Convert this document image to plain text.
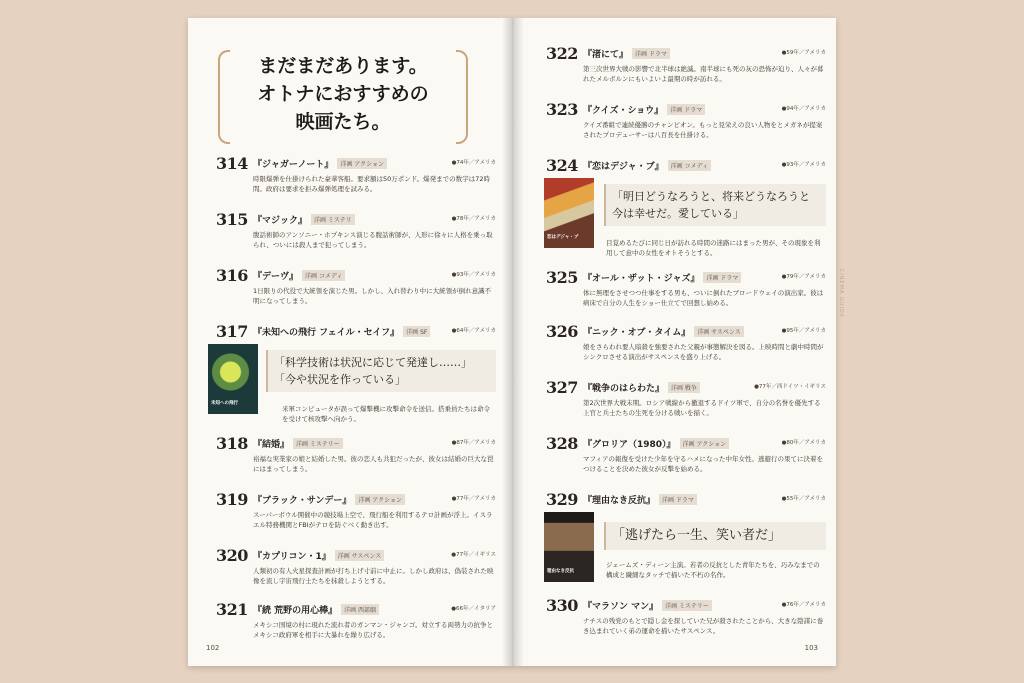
まだまだあります。
オトナにおすすめの
映画たち。
314 『ジャガーノート』 洋画 アクション	●74年／アメリカ
時限爆弾を仕掛けられた豪華客船。要求額は50万ポンド。爆発までの数字は72時間。政府は要求を拒み爆弾処理を試みる。
315 『マジック』 洋画 ミステリ	●78年／アメリカ
腹話術師のアンソニー・ホプキンス演じる腹話術師が、人形に徐々に人格を乗っ取られ、ついには殺人まで犯ってしまう。
316 『デーヴ』 洋画 コメディ	●93年／アメリカ
1日限りの代役で大統領を演じた男。しかし、入れ替わり中に大統領が倒れ意識不明になってしまう。
317 『未知への飛行 フェイル・セイフ』 洋画 SF	●64年／アメリカ
未知への飛行
「科学技術は状況に応じて発達し……」
「今や状況を作っている」
米軍コンピュータが誤って爆撃機に攻撃命令を送信。搭乗員たちは命令を受けて核攻撃へ向かう。
318 『結婚』 洋画 ミステリー	●87年／アメリカ
裕福な実業家の娘と結婚した男。彼の恋人も共犯だったが、彼女は結婚の巨大な罠にはまってしまう。
319 『ブラック・サンデー』 洋画 アクション	●77年／アメリカ
スーパーボウル開催中の競技場上空で、飛行船を利用するテロ計画が浮上。イスラエル特務機関とFBIがテロを防ぐべく動き出す。
320 『カプリコン・1』 洋画 サスペンス	●77年／イギリス
人類初の有人火星探査計画が打ち上げ寸前に中止に。しかし政府は、偽装された映像を流し宇宙飛行士たちを抹殺しようとする。
321 『続 荒野の用心棒』 洋画 西部劇	●66年／イタリア
メキシコ国境の村に現れた流れ者のガンマン・ジャンゴ。対立する両勢力の抗争とメキシコ政府軍を相手に大暴れを繰り広げる。
102
322 『渚にて』 洋画 ドラマ	●59年／アメリカ
第三次世界大戦の影響で北半球は絶滅。南半球にも死の灰の恐怖が迫り、人々が暮れたメルボルンにもいよいよ最期の時が訪れる。
323 『クイズ・ショウ』 洋画 ドラマ	●94年／アメリカ
クイズ番組で連続優勝のチャンピオン。もっと見栄えの良い人物をとメガネが提案されたプロデューサーは八百長を仕掛ける。
324 『恋はデジャ・ブ』 洋画 コメディ	●93年／アメリカ
恋はデジャ・ブ
「明日どうなろうと、将来どうなろうと
今は幸せだ。愛している」
目覚めるたびに同じ日が訪れる時間の迷路にはまった男が、その現象を利用して意中の女性をオトそうとする。
325 『オール・ザット・ジャズ』 洋画 ドラマ	●79年／アメリカ
体に無理をさせつつ仕事をする男も、ついに倒れたブロードウェイの演出家。彼は病床で自分の人生をショー仕立てで回想し始める。
326 『ニック・オブ・タイム』 洋画 サスペンス	●95年／アメリカ
娘をさらわれ要人暗殺を強要された父親が事態解決を図る。上映時間と劇中時間がシンクロさせる演出がサスペンスを盛り上げる。
327 『戦争のはらわた』 洋画 戦争	●77年／西ドイツ・イギリス
第2次世界大戦末期。ロシア戦線から撤退するドイツ軍で、自分の名誉を優先する上官と兵士たちの生死を分ける戦いを描く。
328 『グロリア（1980）』 洋画 アクション	●80年／アメリカ
マフィアの報復を受けた少年を守るハメになった中年女性。逃避行の果てに決着をつけることを決めた彼女が反撃を始める。
329 『理由なき反抗』 洋画 ドラマ	●55年／アメリカ
理由なき反抗
「逃げたら一生、笑い者だ」
ジェームズ・ディーン主演。若者の反抗とした青年たちを、巧みなまでの構成と繊細なタッチで描いた不朽の名作。
330 『マラソン マン』 洋画 ミステリー	●76年／アメリカ
ナチスの残党のもとで隠し金を探していた兄が殺されたことから、大きな陰謀に巻き込まれていく弟の運命を描いたサスペンス。
CINEMA GUIDE
103
